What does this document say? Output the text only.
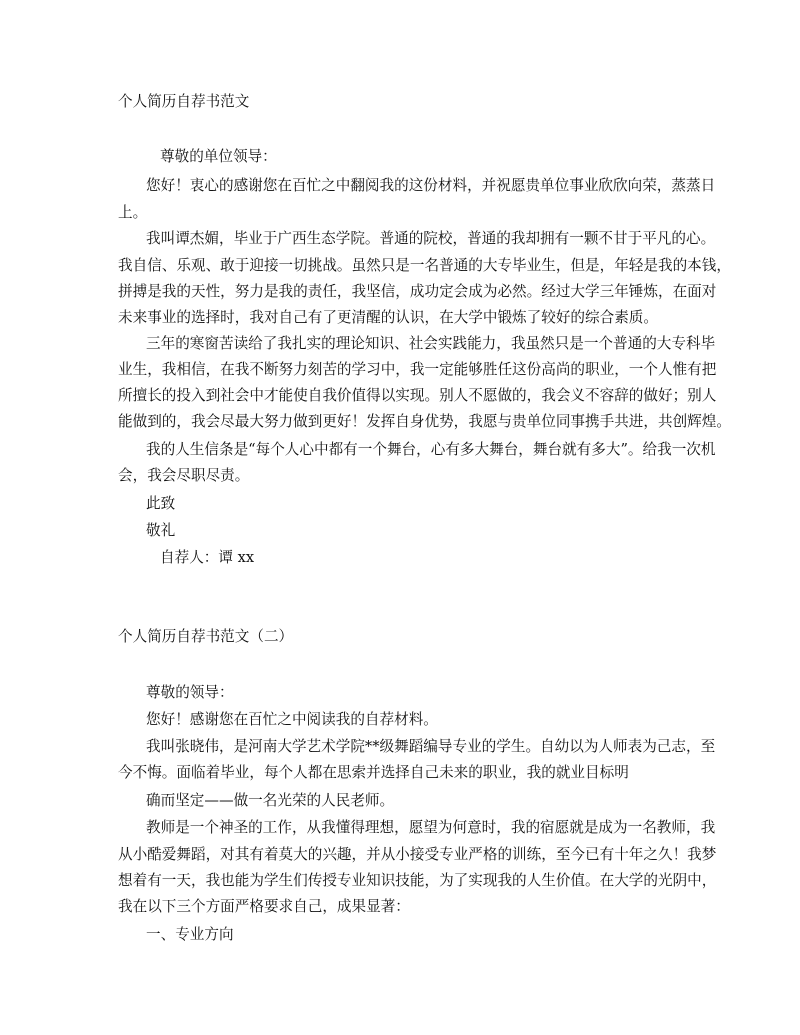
个人简历自荐书范文
尊敬的单位领导：
您好！衷心的感谢您在百忙之中翻阅我的这份材料，并祝愿贵单位事业欣欣向荣，蒸蒸日
上。
我叫谭杰媚，毕业于广西生态学院。普通的院校，普通的我却拥有一颗不甘于平凡的心。
我自信、乐观、敢于迎接一切挑战。虽然只是一名普通的大专毕业生，但是，年轻是我的本钱，
拼搏是我的天性，努力是我的责任，我坚信，成功定会成为必然。经过大学三年锤炼，在面对
未来事业的选择时，我对自己有了更清醒的认识，在大学中锻炼了较好的综合素质。
三年的寒窗苦读给了我扎实的理论知识、社会实践能力，我虽然只是一个普通的大专科毕
业生，我相信，在我不断努力刻苦的学习中，我一定能够胜任这份高尚的职业，一个人惟有把
所擅长的投入到社会中才能使自我价值得以实现。别人不愿做的，我会义不容辞的做好；别人
能做到的，我会尽最大努力做到更好！发挥自身优势，我愿与贵单位同事携手共进，共创辉煌。
我的人生信条是“每个人心中都有一个舞台，心有多大舞台，舞台就有多大”。给我一次机
会，我会尽职尽责。
此致
敬礼
自荐人：谭 xx
个人简历自荐书范文（二）
尊敬的领导：
您好！感谢您在百忙之中阅读我的自荐材料。
我叫张晓伟，是河南大学艺术学院**级舞蹈编导专业的学生。自幼以为人师表为己志，至
今不悔。面临着毕业，每个人都在思索并选择自己未来的职业，我的就业目标明
确而坚定——做一名光荣的人民老师。
教师是一个神圣的工作，从我懂得理想，愿望为何意时，我的宿愿就是成为一名教师，我
从小酷爱舞蹈，对其有着莫大的兴趣，并从小接受专业严格的训练，至今已有十年之久！我梦
想着有一天，我也能为学生们传授专业知识技能，为了实现我的人生价值。在大学的光阴中，
我在以下三个方面严格要求自己，成果显著：
一、专业方向
